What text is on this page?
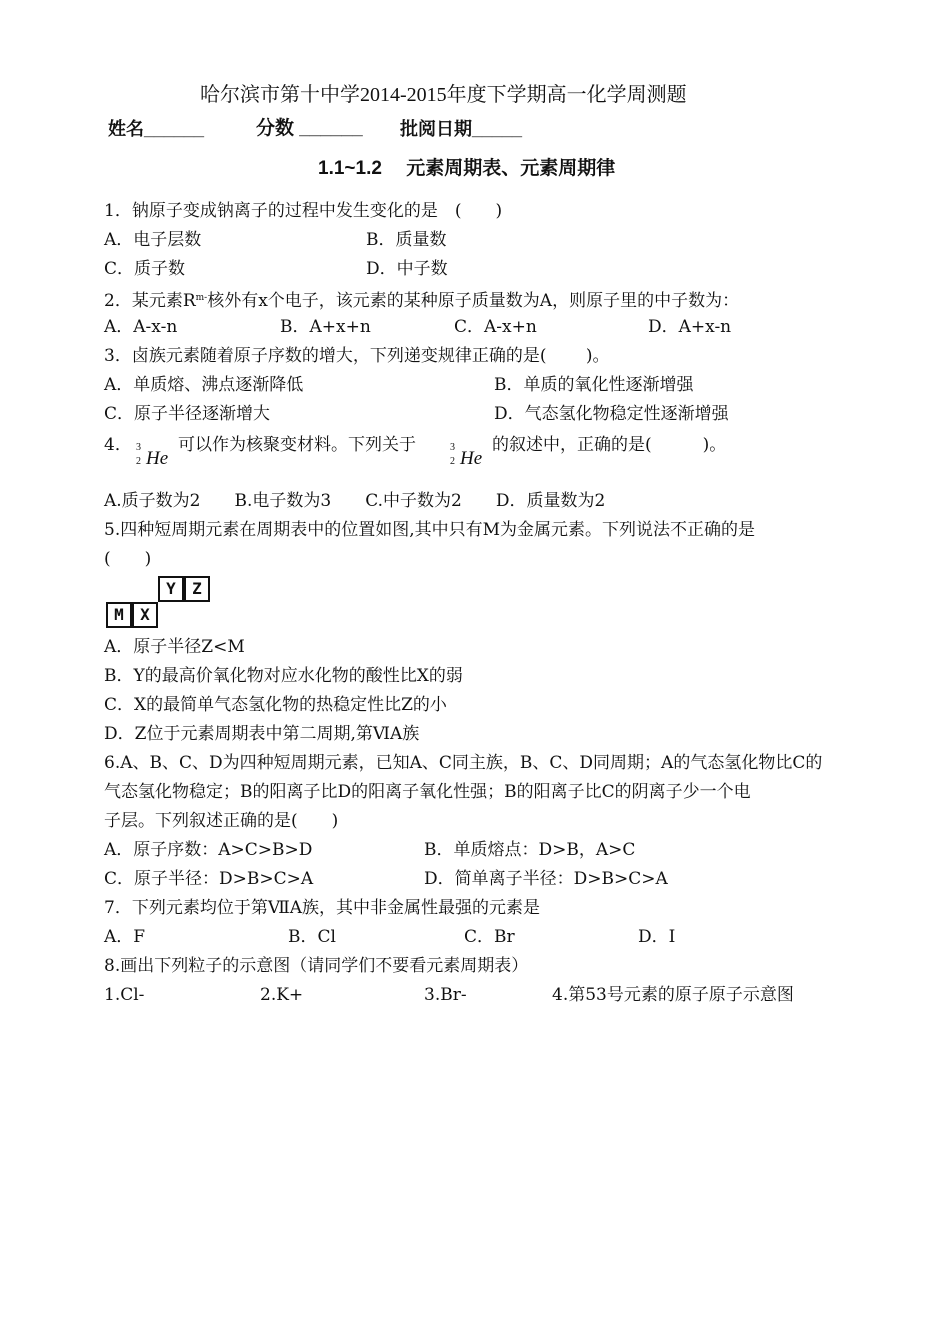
哈尔滨市第十中学2014-2015年度下学期高一化学周测题
姓名______	分数 ______ 批阅日期_____
1.1~1.2　 元素周期表、元素周期律
1．钠原子变成钠离子的过程中发生变化的是　(　　)
A．电子层数	B．质量数
C．质子数	D．中子数
2．某元素$R^{m-}$核外有x个电子，该元素的某种原子质量数为A，则原子里的中子数为：
A．A-x-n	B．A+x+n	C．A-x+n	D．A+x-n
3．卤族元素随着原子序数的增大，下列递变规律正确的是(　　 )。
A．单质熔、沸点逐渐降低	B．单质的氧化性逐渐增强
C．原子半径逐渐增大	D．气态氢化物稳定性逐渐增强
4． 3
2 He
可以作为核聚变材料。下列关于	3
2 He
的叙述中，正确的是(　　　)。
A.质子数为2　　B.电子数为3　　C.中子数为2　　D．质量数为2
5.四种短周期元素在周期表中的位置如图,其中只有M为金属元素。下列说法不正确的是
(　　)
Y	Z
M	X
A．原子半径Z<M
B．Y的最高价氧化物对应水化物的酸性比X的弱
C．X的最简单气态氢化物的热稳定性比Z的小
D．Z位于元素周期表中第二周期,第ⅥA族
6.A、B、C、D为四种短周期元素，已知A、C同主族，B、C、D同周期；A的气态氢化物比C的
气态氢化物稳定；B的阳离子比D的阳离子氧化性强；B的阳离子比C的阴离子少一个电
子层。下列叙述正确的是(　　)
A．原子序数：A>C>B>D	B．单质熔点：D>B，A>C
C．原子半径：D>B>C>A	D．简单离子半径：D>B>C>A
7．下列元素均位于第ⅦA族，其中非金属性最强的元素是
A．F	B．Cl	C．Br	D．I
8.画出下列粒子的示意图（请同学们不要看元素周期表）
1.Cl-	2.K+	3.Br-	4.第53号元素的原子原子示意图
